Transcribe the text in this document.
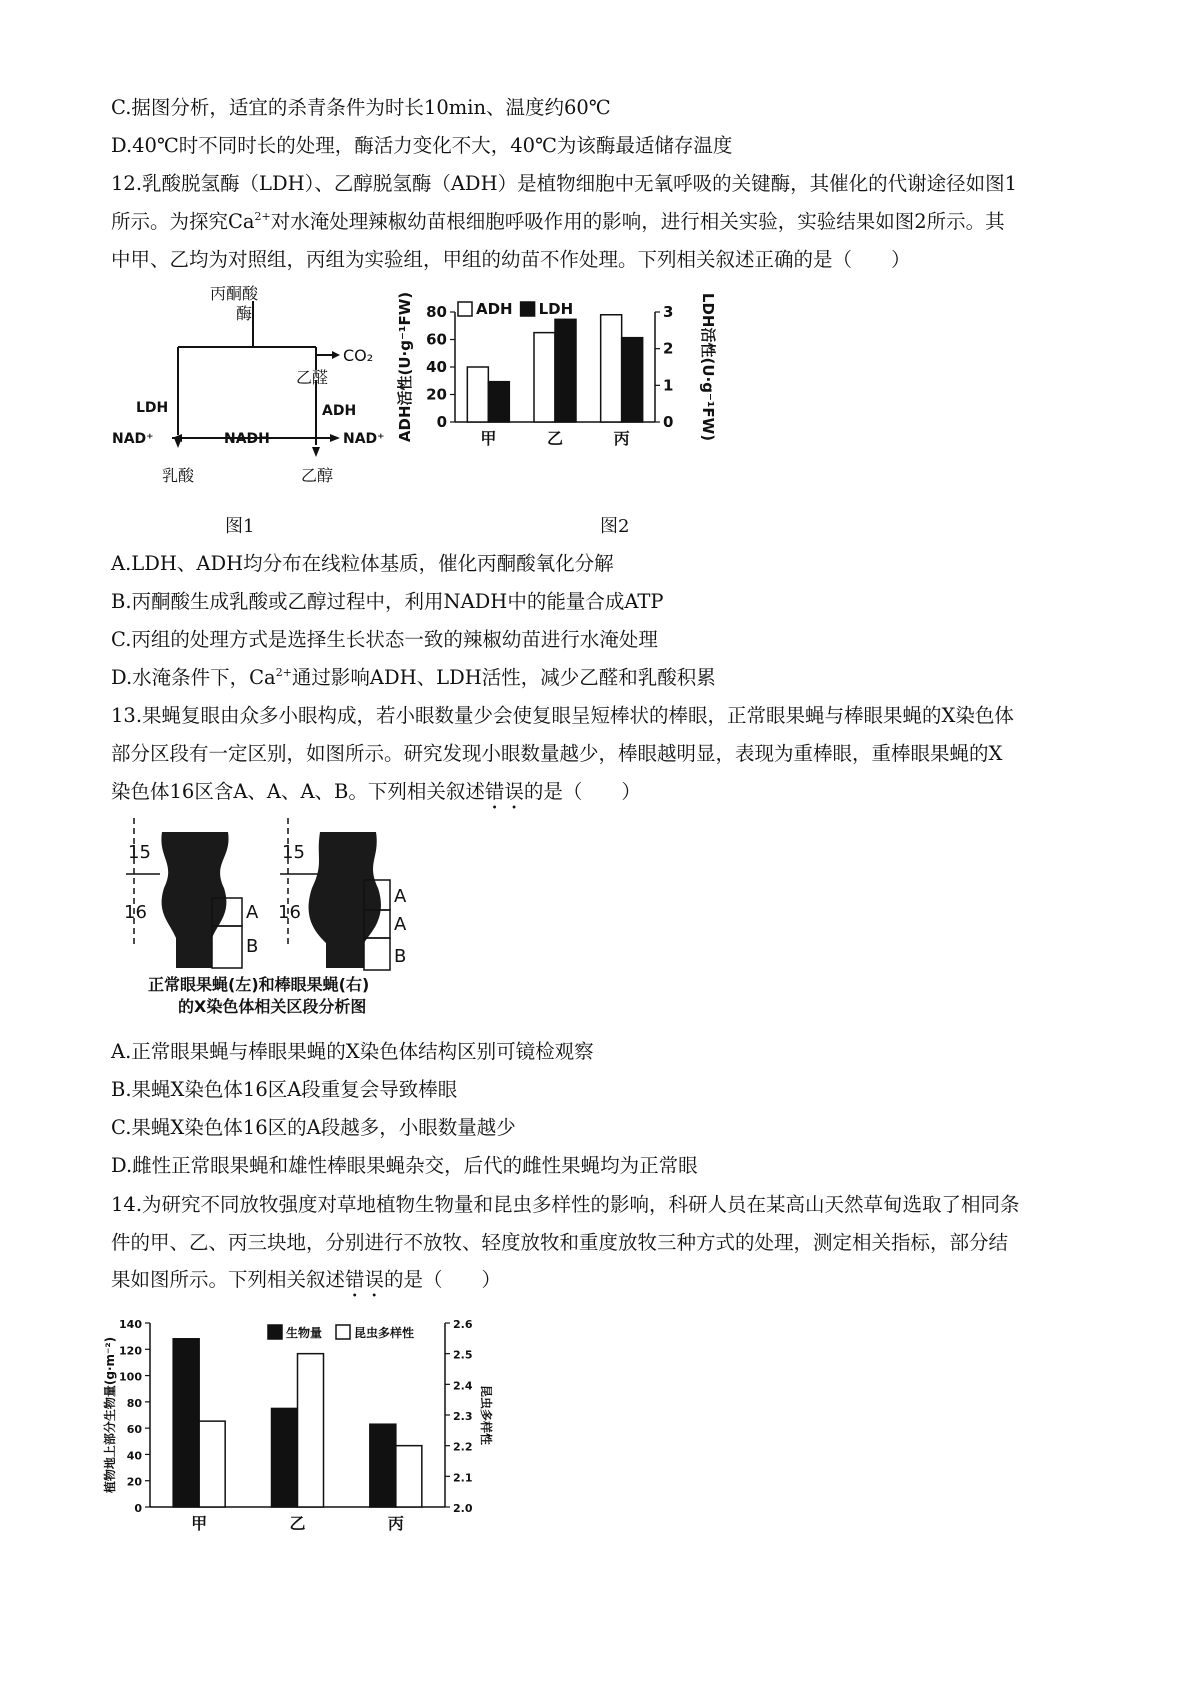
C.据图分析，适宜的杀青条件为时长10min、温度约60℃
D.40℃时不同时长的处理，酶活力变化不大，40℃为该酶最适储存温度
12.乳酸脱氢酶（LDH）、乙醇脱氢酶（ADH）是植物细胞中无氧呼吸的关键酶，其催化的代谢途径如图1
所示。为探究$Ca^{2+}$对水淹处理辣椒幼苗根细胞呼吸作用的影响，进行相关实验，实验结果如图2所示。其
中甲、乙均为对照组，丙组为实验组，甲组的幼苗不作处理。下列相关叙述正确的是（　　）
丙酮酸
酶
CO₂
乙醛
LDH	ADH
NAD⁺	NADH	NAD⁺
乳酸	乙醇
图1
0
20
40
60
80
0
1
2
3
甲	乙	丙
ADH LDH
ADH活性(U·g⁻¹FW)	LDH活性(U·g⁻¹FW)
图2
A.LDH、ADH均分布在线粒体基质，催化丙酮酸氧化分解
B.丙酮酸生成乳酸或乙醇过程中，利用NADH中的能量合成ATP
C.丙组的处理方式是选择生长状态一致的辣椒幼苗进行水淹处理
D.水淹条件下，$Ca^{2+}$通过影响ADH、LDH活性，减少乙醛和乳酸积累
13.果蝇复眼由众多小眼构成，若小眼数量少会使复眼呈短棒状的棒眼，正常眼果蝇与棒眼果蝇的X染色体
部分区段有一定区别，如图所示。研究发现小眼数量越少，棒眼越明显，表现为重棒眼，重棒眼果蝇的X
染色体16区含A、A、A、B。下列相关叙述错误的是（　　）
15
16	A
B
15
16
A
A
B
正常眼果蝇(左)和棒眼果蝇(右)
的X染色体相关区段分析图
A.正常眼果蝇与棒眼果蝇的X染色体结构区别可镜检观察
B.果蝇X染色体16区A段重复会导致棒眼
C.果蝇X染色体16区的A段越多，小眼数量越少
D.雌性正常眼果蝇和雄性棒眼果蝇杂交，后代的雌性果蝇均为正常眼
14.为研究不同放牧强度对草地植物生物量和昆虫多样性的影响，科研人员在某高山天然草甸选取了相同条
件的甲、乙、丙三块地，分别进行不放牧、轻度放牧和重度放牧三种方式的处理，测定相关指标，部分结
果如图所示。下列相关叙述错误的是（　　）
0
20
40
60
80
100
120
140
2.0
2.1
2.2
2.3
2.4
2.5
2.6
甲	乙	丙
生物量	昆虫多样性
植物地上部分生物量(g·m⁻²)	昆虫多样性
